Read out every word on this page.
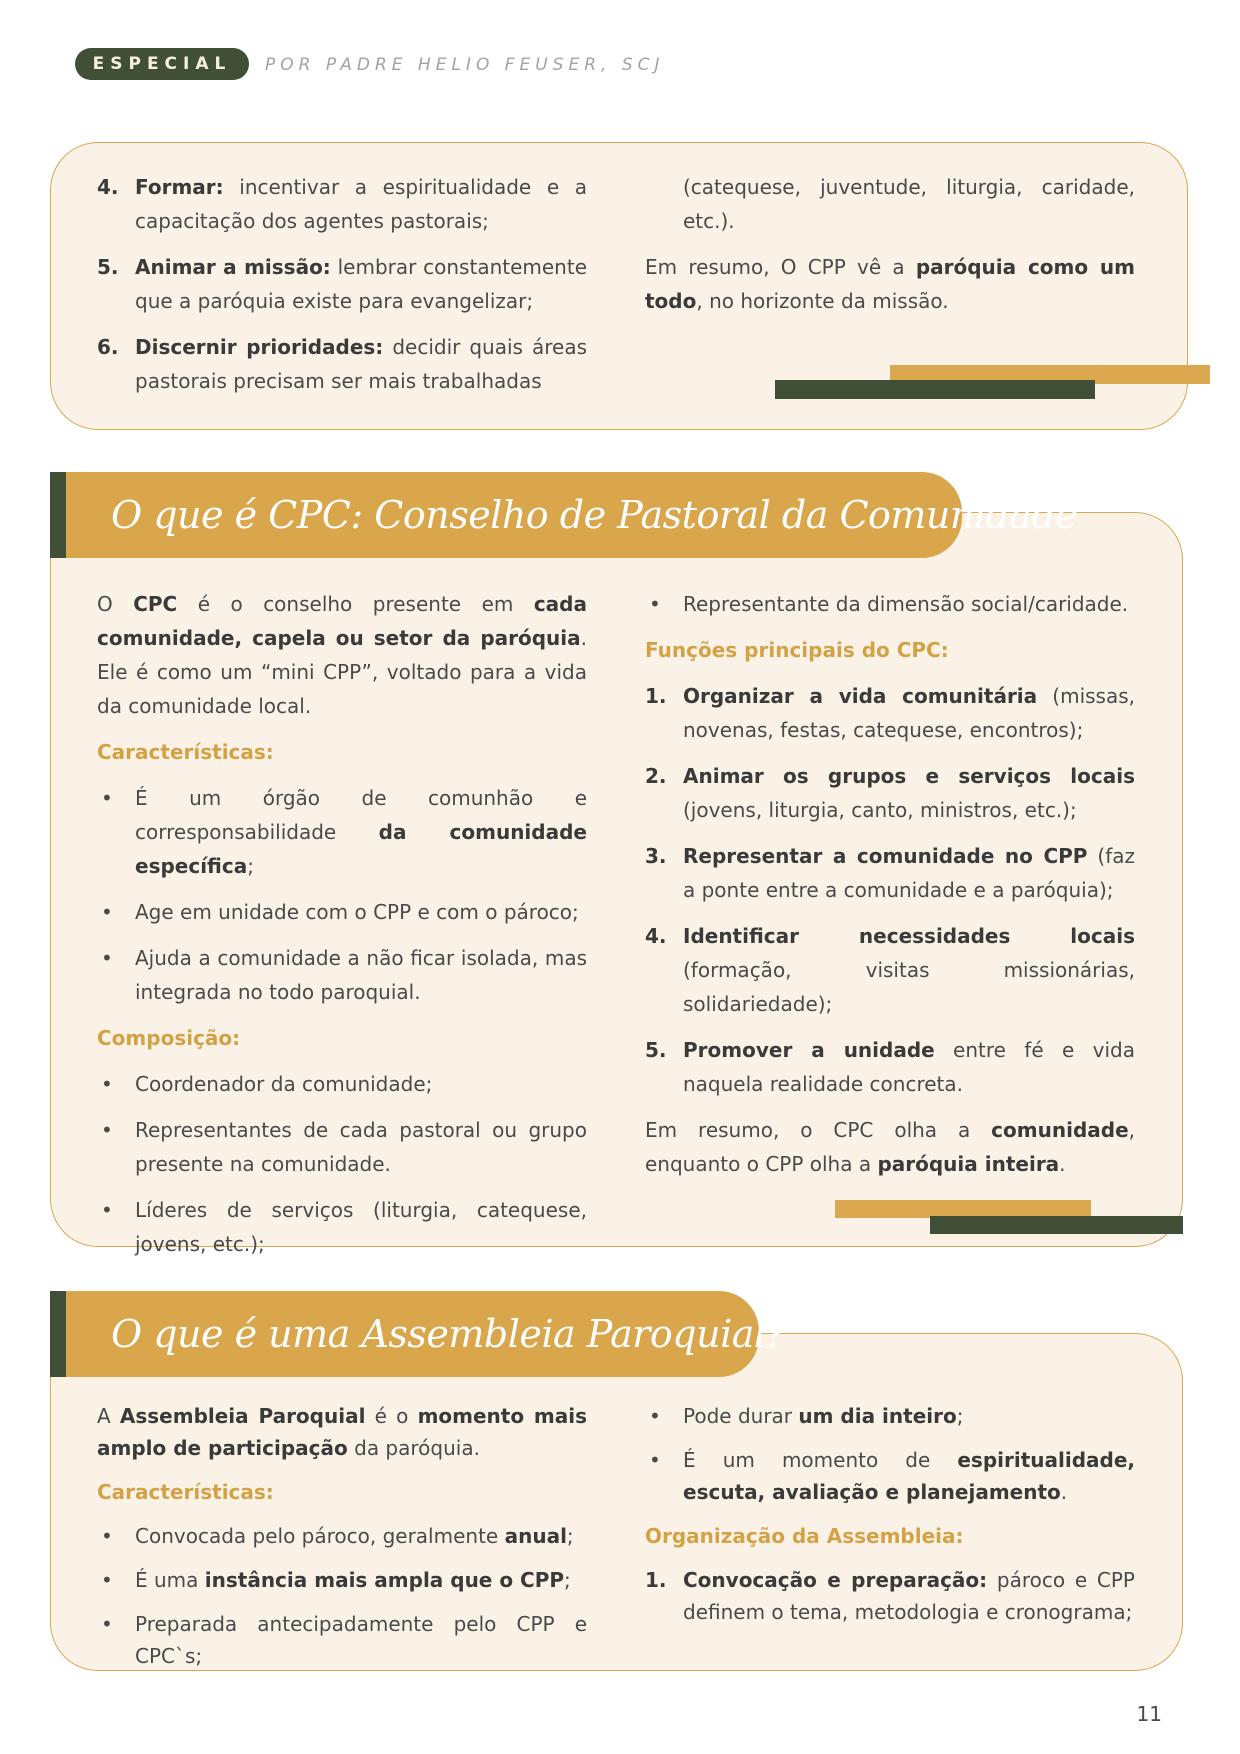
ESPECIAL	POR PADRE HELIO FEUSER, SCJ
4. Formar: incentivar a espiritualidade e a capacitação dos agentes pastorais;
5. Animar a missão: lembrar constantemente que a paróquia existe para evangelizar;
6. Discernir prioridades: decidir quais áreas pastorais precisam ser mais trabalhadas

(catequese, juventude, liturgia, caridade, etc.).

Em resumo, O CPP vê a paróquia como um todo, no horizonte da missão.

O que é CPC: Conselho de Pastoral da Comunidade

O CPC é o conselho presente em cada comunidade, capela ou setor da paróquia. Ele é como um “mini CPP”, voltado para a vida da comunidade local.

Características:
• É um órgão de comunhão e corresponsabilidade da comunidade específica;
• Age em unidade com o CPP e com o pároco;
• Ajuda a comunidade a não ficar isolada, mas integrada no todo paroquial.
Composição:
• Coordenador da comunidade;
• Representantes de cada pastoral ou grupo presente na comunidade.
• Líderes de serviços (liturgia, catequese, jovens, etc.);
• Representante da dimensão social/caridade.
Funções principais do CPC:
1. Organizar a vida comunitária (missas, novenas, festas, catequese, encontros);
2. Animar os grupos e serviços locais (jovens, liturgia, canto, ministros, etc.);
3. Representar a comunidade no CPP (faz a ponte entre a comunidade e a paróquia);
4. Identificar necessidades locais (formação, visitas missionárias, solidariedade);
5. Promover a unidade entre fé e vida naquela realidade concreta.

Em resumo, o CPC olha a comunidade, enquanto o CPP olha a paróquia inteira.

O que é uma Assembleia Paroquial?

A Assembleia Paroquial é o momento mais amplo de participação da paróquia.

Características:
• Convocada pelo pároco, geralmente anual;
• É uma instância mais ampla que o CPP;
• Preparada antecipadamente pelo CPP e CPC`s;
• Pode durar um dia inteiro;
• É um momento de espiritualidade, escuta, avaliação e planejamento.
Organização da Assembleia:
1. Convocação e preparação: pároco e CPP definem o tema, metodologia e cronograma;
11
